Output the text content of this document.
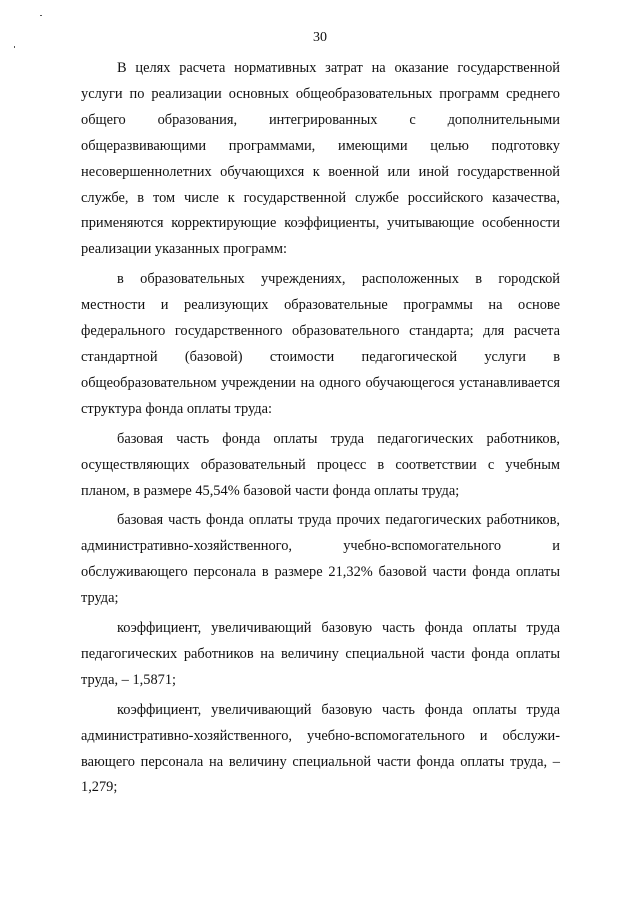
30

В целях расчета нормативных затрат на оказание государственной услуги по реализации основных общеобразовательных программ среднего общего образования, интегрированных с дополнительными общеразвивающими программами, имеющими целью подготовку несовершеннолетних обучающихся к военной или иной государственной службе, в том числе к государственной службе российского казачества, применяются корректирующие коэффициенты, учитывающие особенности реализации указанных программ:

в образовательных учреждениях, расположенных в городской местности и реализующих образовательные программы на основе федерального государственного образовательного стандарта; для расчета стандартной (базовой) стоимости педагогической услуги в общеобразовательном учреждении на одного обучающегося устанавливается структура фонда оплаты труда:

базовая часть фонда оплаты труда педагогических работников, осуществляющих образовательный процесс в соответствии с учебным планом, в размере 45,54% базовой части фонда оплаты труда;

базовая часть фонда оплаты труда прочих педагогических работников, административно-хозяйственного, учебно-вспомогательного и обслуживающего персонала в размере 21,32% базовой части фонда оплаты труда;

коэффициент, увеличивающий базовую часть фонда оплаты труда педагогических работников на величину специальной части фонда оплаты труда, – 1,5871;

коэффициент, увеличивающий базовую часть фонда оплаты труда административно-хозяйственного, учебно-вспомогательного и обслуживающего персонала на величину специальной части фонда оплаты труда, – 1,279;
